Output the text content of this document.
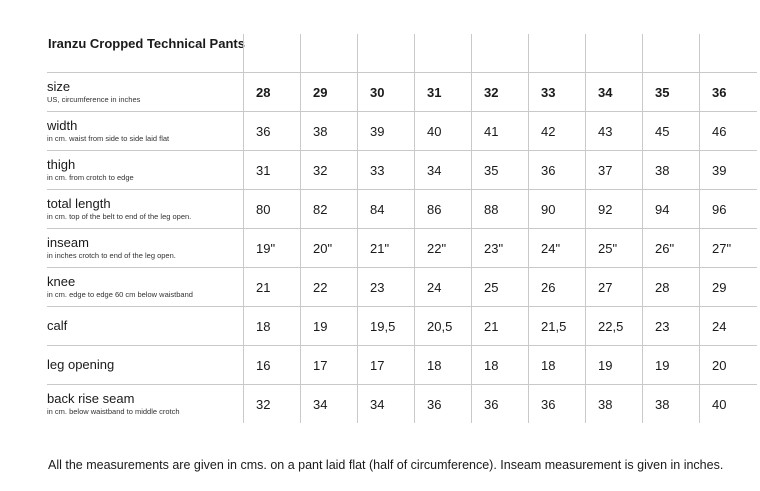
Iranzu Cropped Technical Pants

size
US, circumference in inches	28	29	30	31	32	33	34	35	36

width
in cm. waist from side to side laid flat	36	38	39	40	41	42	43	45	46

thigh
in cm. from crotch to edge	31	32	33	34	35	36	37	38	39

total length
in cm. top of the belt to end of the leg open.	80	82	84	86	88	90	92	94	96

inseam
in inches crotch to end of the leg open.	19"	20"	21"	22"	23"	24"	25"	26"	27"

knee
in cm. edge to edge 60 cm below waistband	21	22	23	24	25	26	27	28	29

calf	18	19	19,5	20,5	21	21,5	22,5	23	24

leg opening	16	17	17	18	18	18	19	19	20

back rise seam
in cm. below waistband to middle crotch	32	34	34	36	36	36	38	38	40
All the measurements are given in cms. on a pant laid flat (half of circumference). Inseam measurement is given in inches.
